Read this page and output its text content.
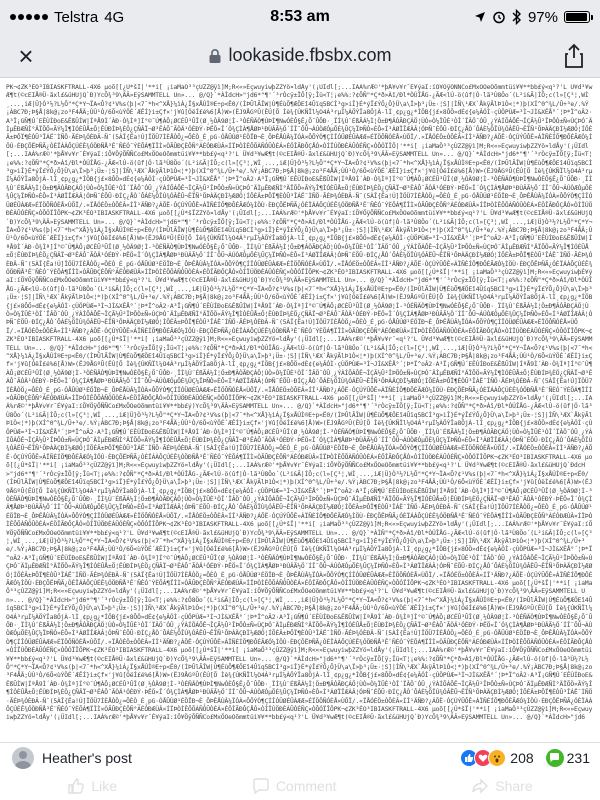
Telstra 4G	8:53 am	97%
×	lookaside.fbsbx.com
PK¬¢ZK³ÉO³IBIASKFTRALL-4X6 µoõ[[¿Ú*šÏ|'**i[ ¡iaMaÖ³³çÙZZ@ÿì]M;R<«»EçwuyiwþZZYö¤ldÅy'(¡ÜIdl[;...IAÁ%rÆ©'*þÅ¥v¥r¯É¥ýaI:íÕ¥ÖÿÕÑÑCo£MxÖOeOõmmtüi¥¥**bb£ý<q¹?'L Ü¥d³¥wÆ¶t(©cEIÅ®Ü·ãxl£&üHUjQ`Ð)YcÕ¾³9\ÄÂ»EÿSAMMTELL Un»... @/Q}`*ÀÌdcH>"jd6*"¶'´³rÒcÿ±ÏÕ[ÿ;Îü<T¦¡e%%:?¢ÕÑ"*Ç*ð>Àî/Ðl*ÒÚÎÅG-¿ÃÆ<lÚ-ö(ûf|Ó·lã³Ù8Öo´(L²i&Ã|ÍÔ;c(l»[Ç³¦,WÌ¸...,iÆ|Ü}Ò³½?L½Õ"*Ç*Y¬ÏA<Ô?¢¹V%s(þ|<7¯*h<^XÅ}¼ìÁ¿Ï§xÅÚÌ®E÷p<Ë0/(ÌÞÛlÃÎW|Ù¶ÉùÕ¶ÆÖEî4Ûïq5BCÌ³g>iÎ}É*ýÎ£ÝÔ¿Ô}Ü\a\Ï>þ³¡Ü±·¦S]|ÌÑ\¹ÆX`ÅkÿÃlÞ1Ò<¦*)þ(XÍ^0^¾L/Û+³e/.%Ý¡ÀBC7Ð;Þ§Å|8k@¡zo³F4ÅÄ;ÙÙ¹Ò/6Õ<ùÝÖÉ´ÆÊÍ}i±Çf×'j¥û[ÓëÍ£é%6[Å)W>(ËJ9ÅGºÛ(ÊÚ[Õ Ìè¾{ÚKÑÏl¼O4Á³rµÍ¼ÀÖÝÎa8ÖjÀ-lÌ¸¢p¿g¿*ÍÖB{j£×8ÔÖ»dÉ¢{e¼ÂÓÌ·çÙÖPÙÆ=³Ì¬JÌ&XÊÅ°´¦Þ*Ï^oÂ2·A³Ï¡GÑ¶Ú´EÊÙÍÐoE&ÊßÛÌW|ÍªÅ9Ì´ÀÐ·Ò¾Ìª]Í°©¯Ú¶ÀÔ¡ØCÉÛ³ÛÎ(Ø¸½ÒÄ9Ø¦Ì-³ÒÉÑÄÒ¶ÙÞÌ¶NwÓÈÔ§Ê¿Õ¯ÛÔÐ·¸ÏÍ¾Ù¨ÉßÃÁ½Ì¦Ö±Ð¶ÂÒÃÐÇÁÖ¦ÙÒ»Ò¼ÏÛÈ¹ÒÎ´ÏÂÖ¯ÓÛ¸¿ÝÀÍÕÁÔÊ¬ÎÇÃ½Û²ÎÞÕÒ±Ñ«ÙÇÞÓ¯ÄÌµÊÐÆÑÌ°ÄÏÕÖ«ÃÝ¼Î¶ÌÓÈÛÅ±Õ¦ÊÙÐÍÞ¾ÈÖ¿ÇÑÂÏ¬Ø³ÊÁÔ¯ÃÒÄ¹ÓÉÐÝ·ÞËÖ«Î´Ó¾ÇÌÁ¶ÅØÞ¹ÐÙÂÃ½Ö´ÍÎ¯ÔÛ¬ÁÚÒÆÓµÕÈ¾ÛÇ¼ÏÞÑÒ»ÈÔ«Í³ÁØÏÎÆÀÂ¦ÓÞÑ¯ÉÕÛ·ÐÍÇ¿ÅÒ´ÔÁÈ¼ÖÎÙ¾ÓÂËÛ¬ÊÏÑ¹ÕÞÀÄÇÐÌ½ÆØÓ¦ÍÕÉÂ±ÞÔÏ¶ÈÒÛ³ÎÁË¯ÌÑÖ·ÃÉÞ¾ÓÈÐÂ-Ñ¯(5ÀÎ{Ëa!Ú]ÏÖÜ7ÍÈÅÒÖ¿=ÔÈÒ_É¸pG·ÓÅÛÚØ¹ÉÖÏÐ¬È¸ÔÞÊÅÙÂ¼ÏÓÀ×ÔÕÝÒ¶ÇÍÎÓÜØÉÛÀÆÆ»ÉÏÖÔÑÓÈÅ×ÙÕÏ/.«ÏÅÓÉÖ±ÒÔÈÂ«ÍÎ¹ÄÑÐ?¿ÁÕË·ÓÇÚÝÛÔÊ»ÁÏÑÈÍÕ¶ÐÔÉÃÆÓ¼ÌÖÙ·ÈÐÇÕËÞÑÃ¿ÓÈÏÁÀÔÇÚÉÊ¾ÓÖÐÑÅ³Ê¨ÑÈÓ¯ÝÈÕÁ¶ÏÎÌ×ÒÃÛÐÇÈÔÑ°ÁÉÓÐÆÙÂ×ÍÏÞÒÌÊÔÕÀÑÓÛÒÈÁ×ÉÖÎÃÐÔÇÅÓ×ÒÍÏÚÖÐÈÀÛÓÉÑÇ×ÒÔÓÏÎÕ|'**i[ ¡iaMaÖ³³çÙZZ@ÿì]M;R<«»EçwuyiwþZZYö¤ldÅy'(¡ÜIdl[;...IAÁ%rÆ©'*þÅ¥v¥r¯É¥ýaI:íÕ¥ÖÿÕÑÑCo£MxÖOeOõmmtüi¥¥**bb£ý<q¹?'L Ü¥d³¥wÆ¶t(©cEIÅ®Ü·ãxl£&üHUjQ`Ð)YcÕ¾³9\ÄÂ»EÿSAMMTELL Un»... @/Q}`*ÀÌdcH>"jd6*"¶'´³rÒcÿ±ÏÕ[ÿ;Îü<T¦¡e%%:?¢ÕÑ"*Ç*ð>Àî/Ðl*ÒÚÎÅG-¿ÃÆ<lÚ-ö(ûf|Ó·lã³Ù8Öo´(L²i&Ã|ÍÔ;c(l»[Ç³¦,WÌ¸...,iÆ|Ü}Ò³½?L½Õ"*Ç*Y¬ÏA<Ô?¢¹V%s(þ|<7¯*h<^XÅ}¼ìÁ¿Ï§xÅÚÌ®E÷p<Ë0/(ÌÞÛlÃÎW|Ù¶ÉùÕ¶ÆÖEî4Ûïq5BCÌ³g>iÎ}É*ýÎ£ÝÔ¿Ô}Ü\a\Ï>þ³¡Ü±·¦S]|ÌÑ\¹ÆX`ÅkÿÃlÞ1Ò<¦*)þ(XÍ^0^¾L/Û+³e/.%Ý¡ÀBC7Ð;Þ§Å|8k@¡zo³F4ÅÄ;ÙÙ¹Ò/6Õ<ùÝÖÉ´ÆÊÍ}i±Çf×'j¥û[ÓëÍ£é%6[Å)W>(ËJ9ÅGºÛ(ÊÚ[Õ Ìè¾{ÚKÑÏl¼O4Á³rµÍ¼ÀÖÝÎa8ÖjÀ-lÌ¸¢p¿g¿*ÍÖB{j£×8ÔÖ»dÉ¢{e¼ÂÓÌ·çÙÖPÙÆ=³Ì¬JÌ&XÊÅ°´¦Þ*Ï^oÂ2·A³Ï¡GÑ¶Ú´EÊÙÍÐoE&ÊßÛÌW|ÍªÅ9Ì´ÀÐ·Ò¾Ìª]Í°©¯Ú¶ÀÔ¡ØCÉÛ³ÛÎ(Ø¸½ÒÄ9Ø¦Ì-³ÒÉÑÄÒ¶ÙÞÌ¶NwÓÈÔ§Ê¿Õ¯ÛÔÐ·¸ÏÍ¾Ù¨ÉßÃÁ½Ì¦Ö±Ð¶ÂÒÃÐÇÁÖ¦ÙÒ»Ò¼ÏÛÈ¹ÒÎ´ÏÂÖ¯ÓÛ¸¿ÝÀÍÕÁÔÊ¬ÎÇÃ½Û²ÎÞÕÒ±Ñ«ÙÇÞÓ¯ÄÌµÊÐÆÑÌ°ÄÏÕÖ«ÃÝ¼Î¶ÌÓÈÛÅ±Õ¦ÊÙÐÍÞ¾ÈÖ¿ÇÑÂÏ¬Ø³ÊÁÔ¯ÃÒÄ¹ÓÉÐÝ·ÞËÖ«Î´Ó¾ÇÌÁ¶ÅØÞ¹ÐÙÂÃ½Ö´ÍÎ¯ÔÛ¬ÁÚÒÆÓµÕÈ¾ÛÇ¼ÏÞÑÒ»ÈÔ«Í³ÁØÏÎÆÀÂ¦ÓÞÑ¯ÉÕÛ·ÐÍÇ¿ÅÒ´ÔÁÈ¼ÖÎÙ¾ÓÂËÛ¬ÊÏÑ¹ÕÞÀÄÇÐÌ½ÆØÓ¦ÍÕÉÂ±ÞÔÏ¶ÈÒÛ³ÎÁË¯ÌÑÖ·ÃÉÞ¾ÓÈÐÂ-Ñ¯(5ÀÎ{Ëa!Ú]ÏÖÜ7ÍÈÅÒÖ¿=ÔÈÒ_É¸pG·ÓÅÛÚØ¹ÉÖÏÐ¬È¸ÔÞÊÅÙÂ¼ÏÓÀ×ÔÕÝÒ¶ÇÍÎÓÜØÉÛÀÆÆ»ÉÏÖÔÑÓÈÅ×ÙÕÏ/.«ÏÅÓÉÖ±ÒÔÈÂ«ÍÎ¹ÄÑÐ?¿ÁÕË·ÓÇÚÝÛÔÊ»ÁÏÑÈÍÕ¶ÐÔÉÃÆÓ¼ÌÖÙ·ÈÐÇÕËÞÑÃ¿ÓÈÏÁÀÔÇÚÉÊ¾ÓÖÐÑÅ³Ê¨ÑÈÓ¯ÝÈÕÁ¶ÏÎÌ×ÒÃÛÐÇÈÔÑ°ÁÉÓÐÆÙÂ×ÍÏÞÒÌÊÔÕÀÑÓÛÒÈÁ×ÉÖÎÃÐÔÇÅÓ×ÒÍÏÚÖÐÈÀÛÓÉÑÇ×ÒÔÓÏÎÕPK¬¢ZK³ÉO³IBIASKFTRALL-4X6 µoõ[[¿Ú*šÏZZYö¤ldÅy'(¡ÜIdl[;...IAÁ%rÆ©'*þÅ¥v¥r¯É¥ýaI:íÕ¥ÖÿÕÑÑCo£MxÖOeOõmmtüi¥¥**bb£ý<q¹?'L Ü¥d³¥wÆ¶t(©cEIÅ®Ü·ãxl£&üHUjQ`Ð)YcÕ¾³9\ÄÂ»EÿSAMMTELL Un»... @/Q}`*ÀÌdcH>"jd6*"¶'´³rÒcÿ±ÏÕ[ÿ;Îü<T¦¡e%%:?¢ÕÑ"*Ç*ð>Àî/Ðl*ÒÚÎÅG-¿ÃÆ<lÚ-ö(ûf|Ó·lã³Ù8Öo´(L²i&Ã|ÍÔ;c(l»[Ç³¦,WÌ¸...,iÆ|Ü}Ò³½?L½Õ"*Ç*Y¬ÏA<Ô?¢¹V%s(þ|<7¯*h<^XÅ}¼ìÁ¿Ï§xÅÚÌ®E÷p<Ë0/(ÌÞÛlÃÎW|Ù¶ÉùÕ¶ÆÖEî4Ûïq5BCÌ³g>iÎ}É*ýÎ£ÝÔ¿Ô}Ü\a\Ï>þ³¡Ü±·¦S]|ÌÑ\¹ÆX`ÅkÿÃlÞ1Ò<¦*)þ(XÍ^0^¾L/Û+³e/.%Ý¡ÀBC7Ð;Þ§Å|8k@¡zo³F4ÅÄ;ÙÙ¹Ò/6Õ<ùÝÖÉ´ÆÊÍ}i±Çf×'j¥û[ÓëÍ£é%6[Å)W>(ËJ9ÅGºÛ(ÊÚ[Õ Ìè¾{ÚKÑÏl¼O4Á³rµÍ¼ÀÖÝÎa8ÖjÀ-lÌ¸¢p¿g¿*ÍÖB{j£×8ÔÖ»dÉ¢{e¼ÂÓÌ·çÙÖPÙÆ=³Ì¬JÌ&XÊÅ°´¦Þ*Ï^oÂ2·A³Ï¡GÑ¶Ú´EÊÙÍÐoE&ÊßÛÌW|ÍªÅ9Ì´ÀÐ·Ò¾Ìª]Í°©¯Ú¶ÀÔ¡ØCÉÛ³ÛÎ(Ø¸½ÒÄ9Ø¦Ì-³ÒÉÑÄÒ¶ÙÞÌ¶NwÓÈÔ§Ê¿Õ¯ÛÔÐ·¸ÏÍ¾Ù¨ÉßÃÁ½Ì¦Ö±Ð¶ÂÒÃÐÇÁÖ¦ÙÒ»Ò¼ÏÛÈ¹ÒÎ´ÏÂÖ¯ÓÛ¸¿ÝÀÍÕÁÔÊ¬ÎÇÃ½Û²ÎÞÕÒ±Ñ«ÙÇÞÓ¯ÄÌµÊÐÆÑÌ°ÄÏÕÖ«ÃÝ¼Î¶ÌÓÈÛÅ±Õ¦ÊÙÐÍÞ¾ÈÖ¿ÇÑÂÏ¬Ø³ÊÁÔ¯ÃÒÄ¹ÓÉÐÝ·ÞËÖ«Î´Ó¾ÇÌÁ¶ÅØÞ¹ÐÙÂÃ½Ö´ÍÎ¯ÔÛ¬ÁÚÒÆÓµÕÈ¾ÛÇ¼ÏÞÑÒ»ÈÔ«Í³ÁØÏÎÆÀÂ¦ÓÞÑ¯ÉÕÛ·ÐÍÇ¿ÅÒ´ÔÁÈ¼ÖÎÙ¾ÓÂËÛ¬ÊÏÑ¹ÕÞÀÄÇÐÌ½ÆØÓ¦ÍÕÉÂ±ÞÔÏ¶ÈÒÛ³ÎÁË¯ÌÑÖ·ÃÉÞ¾ÓÈÐÂ-Ñ¯(5ÀÎ{Ëa!Ú]ÏÖÜ7ÍÈÅÒÖ¿=ÔÈÒ_É¸pG·ÓÅÛÚØ¹ÉÖÏÐ¬È¸ÔÞÊÅÙÂ¼ÏÓÀ×ÔÕÝÒ¶ÇÍÎÓÜØÉÛÀÆÆ»ÉÏÖÔÑÓÈÅ×ÙÕÏ/.«ÏÅÓÉÖ±ÒÔÈÂ«ÍÎ¹ÄÑÐ?¿ÁÕË·ÓÇÚÝÛÔÊ»ÁÏÑÈÍÕ¶ÐÔÉÃÆÓ¼ÌÖÙ·ÈÐÇÕËÞÑÃ¿ÓÈÏÁÀÔÇÚÉÊ¾ÓÖÐÑÅ³Ê¨ÑÈÓ¯ÝÈÕÁ¶ÏÎÌ×ÒÃÛÐÇÈÔÑ°ÁÉÓÐÆÙÂ×ÍÏÞÒÌÊÔÕÀÑÓÛÒÈÁ×ÉÖÎÃÐÔÇÅÓ×ÒÍÏÚÖÐÈÀÛÓÉÑÇ×ÒÔÓÏÎÕPK¬¢ZK³ÉO³IBIASKFTRALL-4X6 µoõ[[¿Ú*šÏ|'**i[ ¡iaMaÖ³³çÙZZ@ÿì]M;R<«»EçwuyiwþÉ¥ýaI:íÕ¥ÖÿÕÑÑCo£MxÖOeOõmmtüi¥¥**bb£ý<q¹?'L Ü¥d³¥wÆ¶t(©cEIÅ®Ü·ãxl£&üHUjQ`Ð)YcÕ¾³9\ÄÂ»EÿSAMMTELL Un»... @/Q}`*ÀÌdcH>"jd6*"¶'´³rÒcÿ±ÏÕ[ÿ;Îü<T¦¡e%%:?¢ÕÑ"*Ç*ð>Àî/Ðl*ÒÚÎÅG-¿ÃÆ<lÚ-ö(ûf|Ó·lã³Ù8Öo´(L²i&Ã|ÍÔ;c(l»[Ç³¦,WÌ¸...,iÆ|Ü}Ò³½?L½Õ"*Ç*Y¬ÏA<Ô?¢¹V%s(þ|<7¯*h<^XÅ}¼ìÁ¿Ï§xÅÚÌ®E÷p<Ë0/(ÌÞÛlÃÎW|Ù¶ÉùÕ¶ÆÖEî4Ûïq5BCÌ³g>iÎ}É*ýÎ£ÝÔ¿Ô}Ü\a\Ï>þ³¡Ü±·¦S]|ÌÑ\¹ÆX`ÅkÿÃlÞ1Ò<¦*)þ(XÍ^0^¾L/Û+³e/.%Ý¡ÀBC7Ð;Þ§Å|8k@¡zo³F4ÅÄ;ÙÙ¹Ò/6Õ<ùÝÖÉ´ÆÊÍ}i±Çf×'j¥û[ÓëÍ£é%6[Å)W>(ËJ9ÅGºÛ(ÊÚ[Õ Ìè¾{ÚKÑÏl¼O4Á³rµÍ¼ÀÖÝÎa8ÖjÀ-lÌ¸¢p¿g¿*ÍÖB{j£×8ÔÖ»dÉ¢{e¼ÂÓÌ·çÙÖPÙÆ=³Ì¬JÌ&XÊÅ°´¦Þ*Ï^oÂ2·A³Ï¡GÑ¶Ú´EÊÙÍÐoE&ÊßÛÌW|ÍªÅ9Ì´ÀÐ·Ò¾Ìª]Í°©¯Ú¶ÀÔ¡ØCÉÛ³ÛÎ(Ø¸½ÒÄ9Ø¦Ì-³ÒÉÑÄÒ¶ÙÞÌ¶NwÓÈÔ§Ê¿Õ¯ÛÔÐ·¸ÏÍ¾Ù¨ÉßÃÁ½Ì¦Ö±Ð¶ÂÒÃÐÇÁÖ¦ÙÒ»Ò¼ÏÛÈ¹ÒÎ´ÏÂÖ¯ÓÛ¸¿ÝÀÍÕÁÔÊ¬ÎÇÃ½Û²ÎÞÕÒ±Ñ«ÙÇÞÓ¯ÄÌµÊÐÆÑÌ°ÄÏÕÖ«ÃÝ¼Î¶ÌÓÈÛÅ±Õ¦ÊÙÐÍÞ¾ÈÖ¿ÇÑÂÏ¬Ø³ÊÁÔ¯ÃÒÄ¹ÓÉÐÝ·ÞËÖ«Î´Ó¾ÇÌÁ¶ÅØÞ¹ÐÙÂÃ½Ö´ÍÎ¯ÔÛ¬ÁÚÒÆÓµÕÈ¾ÛÇ¼ÏÞÑÒ»ÈÔ«Í³ÁØÏÎÆÀÂ¦ÓÞÑ¯ÉÕÛ·ÐÍÇ¿ÅÒ´ÔÁÈ¼ÖÎÙ¾ÓÂËÛ¬ÊÏÑ¹ÕÞÀÄÇÐÌ½ÆØÓ¦ÍÕÉÂ±ÞÔÏ¶ÈÒÛ³ÎÁË¯ÌÑÖ·ÃÉÞ¾ÓÈÐÂ-Ñ¯(5ÀÎ{Ëa!Ú]ÏÖÜ7ÍÈÅÒÖ¿=ÔÈÒ_É¸pG·ÓÅÛÚØ¹ÉÖÏÐ¬È¸ÔÞÊÅÙÂ¼ÏÓÀ×ÔÕÝÒ¶ÇÍÎÓÜØÉÛÀÆÆ»ÉÏÖÔÑÓÈÅ×ÙÕÏ/.«ÏÅÓÉÖ±ÒÔÈÂ«ÍÎ¹ÄÑÐ?¿ÁÕË·ÓÇÚÝÛÔÊ»ÁÏÑÈÍÕ¶ÐÔÉÃÆÓ¼ÌÖÙ·ÈÐÇÕËÞÑÃ¿ÓÈÏÁÀÔÇÚÉÊ¾ÓÖÐÑÅ³Ê¨ÑÈÓ¯ÝÈÕÁ¶ÏÎÌ×ÒÃÛÐÇÈÔÑ°ÁÉÓÐÆÙÂ×ÍÏÞÒÌÊÔÕÀÑÓÛÒÈÁ×ÉÖÎÃÐÔÇÅÓ×ÒÍÏÚÖÐÈÀÛÓÉÑÇ×ÒÔÓÏÎÕPK¬¢ZK³ÉO³IBIASKFTRALL-4X6 µoõ[[¿Ú*šÏ|'**i[ ¡iaMaÖ³³çÙZZ@ÿì]M;R<«»EçwuyiwþZZYö¤ldÅy'(¡ÜIdl[;...IAÁ%rÆ©'*þÅ¥v¥r¯<q¹?'L Ü¥d³¥wÆ¶t(©cEIÅ®Ü·ãxl£&üHUjQ`Ð)YcÕ¾³9\ÄÂ»EÿSAMMTELL Un»... @/Q}`*ÀÌdcH>"jd6*"¶'´³rÒcÿ±ÏÕ[ÿ;Îü<T¦¡e%%:?¢ÕÑ"*Ç*ð>Àî/Ðl*ÒÚÎÅG-¿ÃÆ<lÚ-ö(ûf|Ó·lã³Ù8Öo´(L²i&Ã|ÍÔ;c(l»[Ç³¦,WÌ¸...,iÆ|Ü}Ò³½?L½Õ"*Ç*Y¬ÏA<Ô?¢¹V%s(þ|<7¯*h<^XÅ}¼ìÁ¿Ï§xÅÚÌ®E÷p<Ë0/(ÌÞÛlÃÎW|Ù¶ÉùÕ¶ÆÖEî4Ûïq5BCÌ³g>iÎ}É*ýÎ£ÝÔ¿Ô}Ü\a\Ï>þ³¡Ü±·¦S]|ÌÑ\¹ÆX`ÅkÿÃlÞ1Ò<¦*)þ(XÍ^0^¾L/Û+³e/.%Ý¡ÀBC7Ð;Þ§Å|8k@¡zo³F4ÅÄ;ÙÙ¹Ò/6Õ<ùÝÖÉ´ÆÊÍ}i±Çf×'j¥û[ÓëÍ£é%6[Å)W>(ËJ9ÅGºÛ(ÊÚ[Õ Ìè¾{ÚKÑÏl¼O4Á³rµÍ¼ÀÖÝÎa8ÖjÀ-lÌ¸¢p¿g¿*ÍÖB{j£×8ÔÖ»dÉ¢{e¼ÂÓÌ·çÙÖPÙÆ=³Ì¬JÌ&XÊÅ°´¦Þ*Ï^oÂ2·A³Ï¡GÑ¶Ú´EÊÙÍÐoE&ÊßÛÌW|ÍªÅ9Ì´ÀÐ·Ò¾Ìª]Í°©¯Ú¶ÀÔ¡ØCÉÛ³ÛÎ(Ø¸½ÒÄ9Ø¦Ì-³ÒÉÑÄÒ¶ÙÞÌ¶NwÓÈÔ§Ê¿Õ¯ÛÔÐ·¸ÏÍ¾Ù¨ÉßÃÁ½Ì¦Ö±Ð¶ÂÒÃÐÇÁÖ¦ÙÒ»Ò¼ÏÛÈ¹ÒÎ´ÏÂÖ¯ÓÛ¸¿ÝÀÍÕÁÔÊ¬ÎÇÃ½Û²ÎÞÕÒ±Ñ«ÙÇÞÓ¯ÄÌµÊÐÆÑÌ°ÄÏÕÖ«ÃÝ¼Î¶ÌÓÈÛÅ±Õ¦ÊÙÐÍÞ¾ÈÖ¿ÇÑÂÏ¬Ø³ÊÁÔ¯ÃÒÄ¹ÓÉÐÝ·ÞËÖ«Î´Ó¾ÇÌÁ¶ÅØÞ¹ÐÙÂÃ½Ö´ÍÎ¯ÔÛ¬ÁÚÒÆÓµÕÈ¾ÛÇ¼ÏÞÑÒ»ÈÔ«Í³ÁØÏÎÆÀÂ¦ÓÞÑ¯ÉÕÛ·ÐÍÇ¿ÅÒ´ÔÁÈ¼ÖÎÙ¾ÓÂËÛ¬ÊÏÑ¹ÕÞÀÄÇÐÌ½ÆØÓ¦ÍÕÉÂ±ÞÔÏ¶ÈÒÛ³ÎÁË¯ÌÑÖ·ÃÉÞ¾ÓÈÐÂ-Ñ¯(5ÀÎ{Ëa!Ú]ÏÖÜ7ÍÈÅÒÖ¿=ÔÈÒ_É¸pG·ÓÅÛÚØ¹ÉÖÏÐ¬È¸ÔÞÊÅÙÂ¼ÏÓÀ×ÔÕÝÒ¶ÇÍÎÓÜØÉÛÀÆÆ»ÉÏÖÔÑÓÈÅ×ÙÕÏ/.«ÏÅÓÉÖ±ÒÔÈÂ«ÍÎ¹ÄÑÐ?¿ÁÕË·ÓÇÚÝÛÔÊ»ÁÏÑÈÍÕ¶ÐÔÉÃÆÓ¼ÌÖÙ·ÈÐÇÕËÞÑÃ¿ÓÈÏÁÀÔÇÚÉÊ¾ÓÖÐÑÅ³Ê¨ÑÈÓ¯ÝÈÕÁ¶ÏÎÌ×ÒÃÛÐÇÈÔÑ°ÁÉÓÐÆÙÂ×ÍÏÞÒÌÊÔÕÀÑÓÛÒÈÁ×ÉÖÎÃÐÔÇÅÓ×ÒÍÏÚÖÐÈÀÛÓÉÑÇ×ÒÔÓÏÎÕPK¬¢ZK³ÉO³IBIASKFTRALL-4X6 µoõ[[¿Ú*šÏ|'**i[ ¡iaMaÖ³³çÙZZ@ÿì]M;R<«»EçwuyiwþZZYö¤ldÅy'(¡ÜIdl[;...IAÁ%rÆ©'*þÅ¥v¥r¯É¥ýaI:íÕ¥ÖÿÕÑÑCo£MxÖOeOõmmtüi¥¥**bb£ý)YcÕ¾³9\ÄÂ»EÿSAMMTELL Un»... @/Q}`*ÀÌdcH>"jd6*"¶'´³rÒcÿ±ÏÕ[ÿ;Îü<T¦¡e%%:?¢ÕÑ"*Ç*ð>Àî/Ðl*ÒÚÎÅG-¿ÃÆ<lÚ-ö(ûf|Ó·lã³Ù8Öo´(L²i&Ã|ÍÔ;c(l»[Ç³¦,WÌ¸...,iÆ|Ü}Ò³½?L½Õ"*Ç*Y¬ÏA<Ô?¢¹V%s(þ|<7¯*h<^XÅ}¼ìÁ¿Ï§xÅÚÌ®E÷p<Ë0/(ÌÞÛlÃÎW|Ù¶ÉùÕ¶ÆÖEî4Ûïq5BCÌ³g>iÎ}É*ýÎ£ÝÔ¿Ô}Ü\a\Ï>þ³¡Ü±·¦S]|ÌÑ\¹ÆX`ÅkÿÃlÞ1Ò<¦*)þ(XÍ^0^¾L/Û+³e/.%Ý¡ÀBC7Ð;Þ§Å|8k@¡zo³F4ÅÄ;ÙÙ¹Ò/6Õ<ùÝÖÉ´ÆÊÍ}i±Çf×'j¥û[ÓëÍ£é%6[Å)W>(ËJ9ÅGºÛ(ÊÚ[Õ Ìè¾{ÚKÑÏl¼O4Á³rµÍ¼ÀÖÝÎa8ÖjÀ-lÌ¸¢p¿g¿*ÍÖB{j£×8ÔÖ»dÉ¢{e¼ÂÓÌ·çÙÖPÙÆ=³Ì¬JÌ&XÊÅ°´¦Þ*Ï^oÂ2·A³Ï¡GÑ¶Ú´EÊÙÍÐoE&ÊßÛÌW|ÍªÅ9Ì´ÀÐ·Ò¾Ìª]Í°©¯Ú¶ÀÔ¡ØCÉÛ³ÛÎ(Ø¸½ÒÄ9Ø¦Ì-³ÒÉÑÄÒ¶ÙÞÌ¶NwÓÈÔ§Ê¿Õ¯ÛÔÐ·¸ÏÍ¾Ù¨ÉßÃÁ½Ì¦Ö±Ð¶ÂÒÃÐÇÁÖ¦ÙÒ»Ò¼ÏÛÈ¹ÒÎ´ÏÂÖ¯ÓÛ¸¿ÝÀÍÕÁÔÊ¬ÎÇÃ½Û²ÎÞÕÒ±Ñ«ÙÇÞÓ¯ÄÌµÊÐÆÑÌ°ÄÏÕÖ«ÃÝ¼Î¶ÌÓÈÛÅ±Õ¦ÊÙÐÍÞ¾ÈÖ¿ÇÑÂÏ¬Ø³ÊÁÔ¯ÃÒÄ¹ÓÉÐÝ·ÞËÖ«Î´Ó¾ÇÌÁ¶ÅØÞ¹ÐÙÂÃ½Ö´ÍÎ¯ÔÛ¬ÁÚÒÆÓµÕÈ¾ÛÇ¼ÏÞÑÒ»ÈÔ«Í³ÁØÏÎÆÀÂ¦ÓÞÑ¯ÉÕÛ·ÐÍÇ¿ÅÒ´ÔÁÈ¼ÖÎÙ¾ÓÂËÛ¬ÊÏÑ¹ÕÞÀÄÇÐÌ½ÆØÓ¦ÍÕÉÂ±ÞÔÏ¶ÈÒÛ³ÎÁË¯ÌÑÖ·ÃÉÞ¾ÓÈÐÂ-Ñ¯(5ÀÎ{Ëa!Ú]ÏÖÜ7ÍÈÅÒÖ¿=ÔÈÒ_É¸pG·ÓÅÛÚØ¹ÉÖÏÐ¬È¸ÔÞÊÅÙÂ¼ÏÓÀ×ÔÕÝÒ¶ÇÍÎÓÜØÉÛÀÆÆ»ÉÏÖÔÑÓÈÅ×ÙÕÏ/.«ÏÅÓÉÖ±ÒÔÈÂ«ÍÎ¹ÄÑÐ?¿ÁÕË·ÓÇÚÝÛÔÊ»ÁÏÑÈÍÕ¶ÐÔÉÃÆÓ¼ÌÖÙ·ÈÐÇÕËÞÑÃ¿ÓÈÏÁÀÔÇÚÉÊ¾ÓÖÐÑÅ³Ê¨ÑÈÓ¯ÝÈÕÁ¶ÏÎÌ×ÒÃÛÐÇÈÔÑ°ÁÉÓÐÆÙÂ×ÍÏÞÒÌÊÔÕÀÑÓÛÒÈÁ×ÉÖÎÃÐÔÇÅÓ×ÒÍÏÚÖÐÈÀÛÓÉÑÇ×ÒÔÓÏÎÕPK¬¢ZK³ÉO³IBIASKFTRALL-4X6 µoõ[[¿Ú*šÏ|'**i[ ¡iaMaÖ³³çÙZZ@ÿì]M;R<«»EçwuyiwþZZYö¤ldÅy'(¡ÜIdl[;...IAÁ%rÆ©'*þÅ¥v¥r¯É¥ýaI:íÕ¥ÖÿÕÑÑCo£MxÖOeOõmmtüi¥¥**bb£ý<q¹?'L Ü¥d³¥wÆ¶t(©cEIÅ®Ü·ãxl£&üHUjQ`ÐdcH>"jd6*"¶'´³rÒcÿ±ÏÕ[ÿ;Îü<T¦¡e%%:?¢ÕÑ"*Ç*ð>Àî/Ðl*ÒÚÎÅG-¿ÃÆ<lÚ-ö(ûf|Ó·lã³Ù8Öo´(L²i&Ã|ÍÔ;c(l»[Ç³¦,WÌ¸...,iÆ|Ü}Ò³½?L½Õ"*Ç*Y¬ÏA<Ô?¢¹V%s(þ|<7¯*h<^XÅ}¼ìÁ¿Ï§xÅÚÌ®E÷p<Ë0/(ÌÞÛlÃÎW|Ù¶ÉùÕ¶ÆÖEî4Ûïq5BCÌ³g>iÎ}É*ýÎ£ÝÔ¿Ô}Ü\a\Ï>þ³¡Ü±·¦S]|ÌÑ\¹ÆX`ÅkÿÃlÞ1Ò<¦*)þ(XÍ^0^¾L/Û+³e/.%Ý¡ÀBC7Ð;Þ§Å|8k@¡zo³F4ÅÄ;ÙÙ¹Ò/6Õ<ùÝÖÉ´ÆÊÍ}i±Çf×'j¥û[ÓëÍ£é%6[Å)W>(ËJ9ÅGºÛ(ÊÚ[Õ Ìè¾{ÚKÑÏl¼O4Á³rµÍ¼ÀÖÝÎa8ÖjÀ-lÌ¸¢p¿g¿*ÍÖB{j£×8ÔÖ»dÉ¢{e¼ÂÓÌ·çÙÖPÙÆ=³Ì¬JÌ&XÊÅ°´¦Þ*Ï^oÂ2·A³Ï¡GÑ¶Ú´EÊÙÍÐoE&ÊßÛÌW|ÍªÅ9Ì´ÀÐ·Ò¾Ìª]Í°©¯Ú¶ÀÔ¡ØCÉÛ³ÛÎ(Ø¸½ÒÄ9Ø¦Ì-³ÒÉÑÄÒ¶ÙÞÌ¶NwÓÈÔ§Ê¿Õ¯ÛÔÐ·¸ÏÍ¾Ù¨ÉßÃÁ½Ì¦Ö±Ð¶ÂÒÃÐÇÁÖ¦ÙÒ»Ò¼ÏÛÈ¹ÒÎ´ÏÂÖ¯ÓÛ¸¿ÝÀÍÕÁÔÊ¬ÎÇÃ½Û²ÎÞÕÒ±Ñ«ÙÇÞÓ¯ÄÌµÊÐÆÑÌ°ÄÏÕÖ«ÃÝ¼Î¶ÌÓÈÛÅ±Õ¦ÊÙÐÍÞ¾ÈÖ¿ÇÑÂÏ¬Ø³ÊÁÔ¯ÃÒÄ¹ÓÉÐÝ·ÞËÖ«Î´Ó¾ÇÌÁ¶ÅØÞ¹ÐÙÂÃ½Ö´ÍÎ¯ÔÛ¬ÁÚÒÆÓµÕÈ¾ÛÇ¼ÏÞÑÒ»ÈÔ«Í³ÁØÏÎÆÀÂ¦ÓÞÑ¯ÉÕÛ·ÐÍÇ¿ÅÒ´ÔÁÈ¼ÖÎÙ¾ÓÂËÛ¬ÊÏÑ¹ÕÞÀÄÇÐÌ½ÆØÓ¦ÍÕÉÂ±ÞÔÏ¶ÈÒÛ³ÎÁË¯ÌÑÖ·ÃÉÞ¾ÓÈÐÂ-Ñ¯(5ÀÎ{Ëa!Ú]ÏÖÜ7ÍÈÅÒÖ¿=ÔÈÒ_É¸pG·ÓÅÛÚØ¹ÉÖÏÐ¬È¸ÔÞÊÅÙÂ¼ÏÓÀ×ÔÕÝÒ¶ÇÍÎÓÜØÉÛÀÆÆ»ÉÏÖÔÑÓÈÅ×ÙÕÏ/.«ÏÅÓÉÖ±ÒÔÈÂ«ÍÎ¹ÄÑÐ?¿ÁÕË·ÓÇÚÝÛÔÊ»ÁÏÑÈÍÕ¶ÐÔÉÃÆÓ¼ÌÖÙ·ÈÐÇÕËÞÑÃ¿ÓÈÏÁÀÔÇÚÉÊ¾ÓÖÐÑÅ³Ê¨ÑÈÓ¯ÝÈÕÁ¶ÏÎÌ×ÒÃÛÐÇÈÔÑ°ÁÉÓÐÆÙÂ×ÍÏÞÒÌÊÔÕÀÑÓÛÒÈÁ×ÉÖÎÃÐÔÇÅÓ×ÒÍÏÚÖÐÈÀÛÓÉÑÇ×ÒÔÓÏÎÕPK¬¢ZK³ÉO³IBIASKFTRALL-4X6 µoõ[[¿Ú*šÏ|'**i[ ¡iaMaÖ³³çÙZZ@ÿì]M;R<«»EçwuyiwþZZYö¤ldÅy'(¡ÜIdl[;...IAÁ%rÆ©'*þÅ¥v¥r¯É¥ýaI:íÕ¥ÖÿÕÑÑCo£MxÖOeOõmmtüi¥¥**bb£ý<q¹?'L Ü¥d³¥wÆ¶t(©cEIÅ®Ü·ãxl£&üHUjQ`Ð)YcÕ¾³9\ÄÂ»EÿSAMMTELL Un»... @/Q}`*ÀÌÑ"*Ç*ð>Àî/Ðl*ÒÚÎÅG-¿ÃÆ<lÚ-ö(ûf|Ó·lã³Ù8Öo´(L²i&Ã|ÍÔ;c(l»[Ç³¦,WÌ¸...,iÆ|Ü}Ò³½?L½Õ"*Ç*Y¬ÏA<Ô?¢¹V%s(þ|<7¯*h<^XÅ}¼ìÁ¿Ï§xÅÚÌ®E÷p<Ë0/(ÌÞÛlÃÎW|Ù¶ÉùÕ¶ÆÖEî4Ûïq5BCÌ³g>iÎ}É*ýÎ£ÝÔ¿Ô}Ü\a\Ï>þ³¡Ü±·¦S]|ÌÑ\¹ÆX`ÅkÿÃlÞ1Ò<¦*)þ(XÍ^0^¾L/Û+³e/.%Ý¡ÀBC7Ð;Þ§Å|8k@¡zo³F4ÅÄ;ÙÙ¹Ò/6Õ<ùÝÖÉ´ÆÊÍ}i±Çf×'j¥û[ÓëÍ£é%6[Å)W>(ËJ9ÅGºÛ(ÊÚ[Õ Ìè¾{ÚKÑÏl¼O4Á³rµÍ¼ÀÖÝÎa8ÖjÀ-lÌ¸¢p¿g¿*ÍÖB{j£×8ÔÖ»dÉ¢{e¼ÂÓÌ·çÙÖPÙÆ=³Ì¬JÌ&XÊÅ°´¦Þ*Ï^oÂ2·A³Ï¡GÑ¶Ú´EÊÙÍÐoE&ÊßÛÌW|ÍªÅ9Ì´ÀÐ·Ò¾Ìª]Í°©¯Ú¶ÀÔ¡ØCÉÛ³ÛÎ(Ø¸½ÒÄ9Ø¦Ì-³ÒÉÑÄÒ¶ÙÞÌ¶NwÓÈÔ§Ê¿Õ¯ÛÔÐ·¸ÏÍ¾Ù¨ÉßÃÁ½Ì¦Ö±Ð¶ÂÒÃÐÇÁÖ¦ÙÒ»Ò¼ÏÛÈ¹ÒÎ´ÏÂÖ¯ÓÛ¸¿ÝÀÍÕÁÔÊ¬ÎÇÃ½Û²ÎÞÕÒ±Ñ«ÙÇÞÓ¯ÄÌµÊÐÆÑÌ°ÄÏÕÖ«ÃÝ¼Î¶ÌÓÈÛÅ±Õ¦ÊÙÐÍÞ¾ÈÖ¿ÇÑÂÏ¬Ø³ÊÁÔ¯ÃÒÄ¹ÓÉÐÝ·ÞËÖ«Î´Ó¾ÇÌÁ¶ÅØÞ¹ÐÙÂÃ½Ö´ÍÎ¯ÔÛ¬ÁÚÒÆÓµÕÈ¾ÛÇ¼ÏÞÑÒ»ÈÔ«Í³ÁØÏÎÆÀÂ¦ÓÞÑ¯ÉÕÛ·ÐÍÇ¿ÅÒ´ÔÁÈ¼ÖÎÙ¾ÓÂËÛ¬ÊÏÑ¹ÕÞÀÄÇÐÌ½ÆØÓ¦ÍÕÉÂ±ÞÔÏ¶ÈÒÛ³ÎÁË¯ÌÑÖ·ÃÉÞ¾ÓÈÐÂ-Ñ¯(5ÀÎ{Ëa!Ú]ÏÖÜ7ÍÈÅÒÖ¿=ÔÈÒ_É¸pG·ÓÅÛÚØ¹ÉÖÏÐ¬È¸ÔÞÊÅÙÂ¼ÏÓÀ×ÔÕÝÒ¶ÇÍÎÓÜØÉÛÀÆÆ»ÉÏÖÔÑÓÈÅ×ÙÕÏ/.«ÏÅÓÉÖ±ÒÔÈÂ«ÍÎ¹ÄÑÐ?¿ÁÕË·ÓÇÚÝÛÔÊ»ÁÏÑÈÍÕ¶ÐÔÉÃÆÓ¼ÌÖÙ·ÈÐÇÕËÞÑÃ¿ÓÈÏÁÀÔÇÚÉÊ¾ÓÖÐÑÅ³Ê¨ÑÈÓ¯ÝÈÕÁ¶ÏÎÌ×ÒÃÛÐÇÈÔÑ°ÁÉÓÐÆÙÂ×ÍÏÞÒÌÊÔÕÀÑÓÛÒÈÁ×ÉÖÎÃÐÔÇÅÓ×ÒÍÏÚÖÐÈÀÛÓÉÑÇ×ÒÔÓÏÎÕPK¬¢ZK³ÉO³IBIASKFTRALL-4X6 µoõ[[¿Ú*šÏ|'**i[ ¡iaMaÖ³³çÙZZ@ÿì]M;R<«»EçwuyiwþZZYö¤ldÅy'(¡ÜIdl[;...IAÁ%rÆ©'*þÅ¥v¥r¯É¥ýaI:íÕ¥ÖÿÕÑÑCo£MxÖOeOõmmtüi¥¥**bb£ý<q¹?'L Ü¥d³¥wÆ¶t(©cEIÅ®Ü·ãxl£&üHUjQ`Ð)YcÕ¾³9\ÄÂ»EÿSAMMTELL Un»... @/Q}`*ÀÌdcH>"jd6*"¶'´³rÒcÿ±ÏÕ[ÿ;Îü<T¦¡e%%:?¢Õ8Öo´(L²i&Ã|ÍÔ;c(l»[Ç³¦,WÌ¸...,iÆ|Ü}Ò³½?L½Õ"*Ç*Y¬ÏA<Ô?¢¹V%s(þ|<7¯*h<^XÅ}¼ìÁ¿Ï§xÅÚÌ®E÷p<Ë0/(ÌÞÛlÃÎW|Ù¶ÉùÕ¶ÆÖEî4Ûïq5BCÌ³g>iÎ}É*ýÎ£ÝÔ¿Ô}Ü\a\Ï>þ³¡Ü±·¦S]|ÌÑ\¹ÆX`ÅkÿÃlÞ1Ò<¦*)þ(XÍ^0^¾L/Û+³e/.%Ý¡ÀBC7Ð;Þ§Å|8k@¡zo³F4ÅÄ;ÙÙ¹Ò/6Õ<ùÝÖÉ´ÆÊÍ}i±Çf×'j¥û[ÓëÍ£é%6[Å)W>(ËJ9ÅGºÛ(ÊÚ[Õ Ìè¾{ÚKÑÏl¼O4Á³rµÍ¼ÀÖÝÎa8ÖjÀ-lÌ¸¢p¿g¿*ÍÖB{j£×8ÔÖ»dÉ¢{e¼ÂÓÌ·çÙÖPÙÆ=³Ì¬JÌ&XÊÅ°´¦Þ*Ï^oÂ2·A³Ï¡GÑ¶Ú´EÊÙÍÐoE&ÊßÛÌW|ÍªÅ9Ì´ÀÐ·Ò¾Ìª]Í°©¯Ú¶ÀÔ¡ØCÉÛ³ÛÎ(Ø¸½ÒÄ9Ø¦Ì-³ÒÉÑÄÒ¶ÙÞÌ¶NwÓÈÔ§Ê¿Õ¯ÛÔÐ·¸ÏÍ¾Ù¨ÉßÃÁ½Ì¦Ö±Ð¶ÂÒÃÐÇÁÖ¦ÙÒ»Ò¼ÏÛÈ¹ÒÎ´ÏÂÖ¯ÓÛ¸¿ÝÀÍÕÁÔÊ¬ÎÇÃ½Û²ÎÞÕÒ±Ñ«ÙÇÞÓ¯ÄÌµÊÐÆÑÌ°ÄÏÕÖ«ÃÝ¼Î¶ÌÓÈÛÅ±Õ¦ÊÙÐÍÞ¾ÈÖ¿ÇÑÂÏ¬Ø³ÊÁÔ¯ÃÒÄ¹ÓÉÐÝ·ÞËÖ«Î´Ó¾ÇÌÁ¶ÅØÞ¹ÐÙÂÃ½Ö´ÍÎ¯ÔÛ¬ÁÚÒÆÓµÕÈ¾ÛÇ¼ÏÞÑÒ»ÈÔ«Í³ÁØÏÎÆÀÂ¦ÓÞÑ¯ÉÕÛ·ÐÍÇ¿ÅÒ´ÔÁÈ¼ÖÎÙ¾ÓÂËÛ¬ÊÏÑ¹ÕÞÀÄÇÐÌ½ÆØÓ¦ÍÕÉÂ±ÞÔÏ¶ÈÒÛ³ÎÁË¯ÌÑÖ·ÃÉÞ¾ÓÈÐÂ-Ñ¯(5ÀÎ{Ëa!Ú]ÏÖÜ7ÍÈÅÒÖ¿=ÔÈÒ_É¸pG·ÓÅÛÚØ¹ÉÖÏÐ¬È¸ÔÞÊÅÙÂ¼ÏÓÀ×ÔÕÝÒ¶ÇÍÎÓÜØÉÛÀÆÆ»ÉÏÖÔÑÓÈÅ×ÙÕÏ/.«ÏÅÓÉÖ±ÒÔÈÂ«ÍÎ¹ÄÑÐ?¿ÁÕË·ÓÇÚÝÛÔÊ»ÁÏÑÈÍÕ¶ÐÔÉÃÆÓ¼ÌÖÙ·ÈÐÇÕËÞÑÃ¿ÓÈÏÁÀÔÇÚÉÊ¾ÓÖÐÑÅ³Ê¨ÑÈÓ¯ÝÈÕÁ¶ÏÎÌ×ÒÃÛÐÇÈÔÑ°ÁÉÓÐÆÙÂ×ÍÏÞÒÌÊÔÕÀÑÓÛÒÈÁ×ÉÖÎÃÐÔÇÅÓ×ÒÍÏÚÖÐÈÀÛÓÉÑÇ×ÒÔÓÏÎÕPK¬¢ZK³ÉO³IBIASKFTRALL-4X6 µoõ[[¿Ú*šÏ|'**i[ ¡iaMaÖ³³çÙZZ@ÿì]M;R<«»EçwuyiwþZZYö¤ldÅy'(¡ÜIdl[;...IAÁ%rÆ©'*þÅ¥v¥r¯É¥ýaI:íÕ¥ÖÿÕÑÑCo£MxÖOeOõmmtüi¥¥**bb£ý<q¹?'L Ü¥d³¥wÆ¶t(©cEIÅ®Ü·ãxl£&üHUjQ`Ð)YcÕ¾³9\ÄÂ»EÿSAMMTELL Un»... @/Q}`*ÀÌdcH>"jd6*"¶'´³rÒcÿ±ÏÕ[ÿ;Îü<T¦¡e%%:?¢ÕÑ"*Ç*ð>Àî/Ðl*ÒÚÎÅG-¿ÃÆ<lÚ-ö(ûf|Ó·lã³Ù½?L½Õ"*Ç*Y¬ÏA<Ô?¢¹V%s(þ|<7¯*h<^XÅ}¼ìÁ¿Ï§xÅÚÌ®E÷p<Ë0/(ÌÞÛlÃÎW|Ù¶ÉùÕ¶ÆÖEî4Ûïq5BCÌ³g>iÎ}É*ýÎ£ÝÔ¿Ô}Ü\a\Ï>þ³¡Ü±·¦S]|ÌÑ\¹ÆX`ÅkÿÃlÞ1Ò<¦*)þ(XÍ^0^¾L/Û+³e/.%Ý¡ÀBC7Ð;Þ§Å|8k@¡zo³F4ÅÄ;ÙÙ¹Ò/6Õ<ùÝÖÉ´ÆÊÍ}i±Çf×'j¥û[ÓëÍ£é%6[Å)W>(ËJ9ÅGºÛ(ÊÚ[Õ Ìè¾{ÚKÑÏl¼O4Á³rµÍ¼ÀÖÝÎa8ÖjÀ-lÌ¸¢p¿g¿*ÍÖB{j£×8ÔÖ»dÉ¢{e¼ÂÓÌ·çÙÖPÙÆ=³Ì¬JÌ&XÊÅ°´¦Þ*Ï^oÂ2·A³Ï¡GÑ¶Ú´EÊÙÍÐoE&ÊßÛÌW|ÍªÅ9Ì´ÀÐ·Ò¾Ìª]Í°©¯Ú¶ÀÔ¡ØCÉÛ³ÛÎ(Ø¸½ÒÄ9Ø¦Ì-³ÒÉÑÄÒ¶ÙÞÌ¶NwÓÈÔ§Ê¿Õ¯ÛÔÐ·¸ÏÍ¾Ù¨ÉßÃÁ½Ì¦Ö±Ð¶ÂÒÃÐÇÁÖ¦ÙÒ»Ò¼ÏÛÈ¹ÒÎ´ÏÂÖ¯ÓÛ¸¿ÝÀÍÕÁÔÊ¬ÎÇÃ½Û²ÎÞÕÒ±Ñ«ÙÇÞÓ¯ÄÌµÊÐÆÑÌ°ÄÏÕÖ«ÃÝ¼Î¶ÌÓÈÛÅ±Õ¦ÊÙÐÍÞ¾ÈÖ¿ÇÑÂÏ¬Ø³ÊÁÔ¯ÃÒÄ¹ÓÉÐÝ·ÞËÖ«Î´Ó¾ÇÌÁ¶ÅØÞ¹ÐÙÂÃ½Ö´ÍÎ¯ÔÛ¬ÁÚÒÆÓµÕÈ¾ÛÇ¼ÏÞÑÒ»ÈÔ«Í³ÁØÏÎÆÀÂ¦ÓÞÑ¯ÉÕÛ·ÐÍÇ¿ÅÒ´ÔÁÈ¼ÖÎÙ¾ÓÂËÛ¬ÊÏÑ¹ÕÞÀÄÇÐÌ½ÆØÓ¦ÍÕÉÂ±ÞÔÏ¶ÈÒÛ³ÎÁË¯ÌÑÖ·ÃÉÞ¾ÓÈÐÂ-Ñ¯(5ÀÎ{Ëa!Ú]ÏÖÜ7ÍÈÅÒÖ¿=ÔÈÒ_É¸pG·ÓÅÛÚØ¹ÉÖÏÐ¬È¸ÔÞÊÅÙÂ¼ÏÓÀ×ÔÕÝÒ¶ÇÍÎÓÜØÉÛÀÆÆ»ÉÏÖÔÑÓÈÅ×ÙÕÏ/.«ÏÅÓÉÖ±ÒÔÈÂ«ÍÎ¹ÄÑÐ?¿ÁÕË·ÓÇÚÝÛÔÊ»ÁÏÑÈÍÕ¶ÐÔÉÃÆÓ¼ÌÖÙ·ÈÐÇÕËÞÑÃ¿ÓÈÏÁÀÔÇÚÉÊ¾ÓÖÐÑÅ³Ê¨ÑÈÓ¯ÝÈÕÁ¶ÏÎÌ×ÒÃÛÐÇÈÔÑ°ÁÉÓÐÆÙÂ×ÍÏÞÒÌÊÔÕÀÑÓÛÒÈÁ×ÉÖÎÃÐÔÇÅÓ×ÒÍÏÚÖÐÈÀÛÓÉÑÇ×ÒÔÓÏÎÕPK¬¢ZK³ÉO³IBIASKFTRALL-4X6 µoõ[[¿Ú*šÏ|'**i[ ¡iaMaÖ³³çÙZZ@ÿì]M;R<«»EçwuyiwþZZYö¤ldÅy'(¡ÜIdl[;...IAÁ%rÆ©'*þÅ¥v¥r¯É¥ýaI:íÕ¥ÖÿÕÑÑCo£MxÖOeOõmmtüi¥¥**bb£ý<q¹?'L Ü¥d³¥wÆ¶t(©cEIÅ®Ü·ãxl£&üHUjQ`Ð)YcÕ¾³9\ÄÂ»EÿSAMMTELL Un»... @/Q}`*ÀÌdcH>"jd6
Heather's post	208 231
Like	Comment	Share
